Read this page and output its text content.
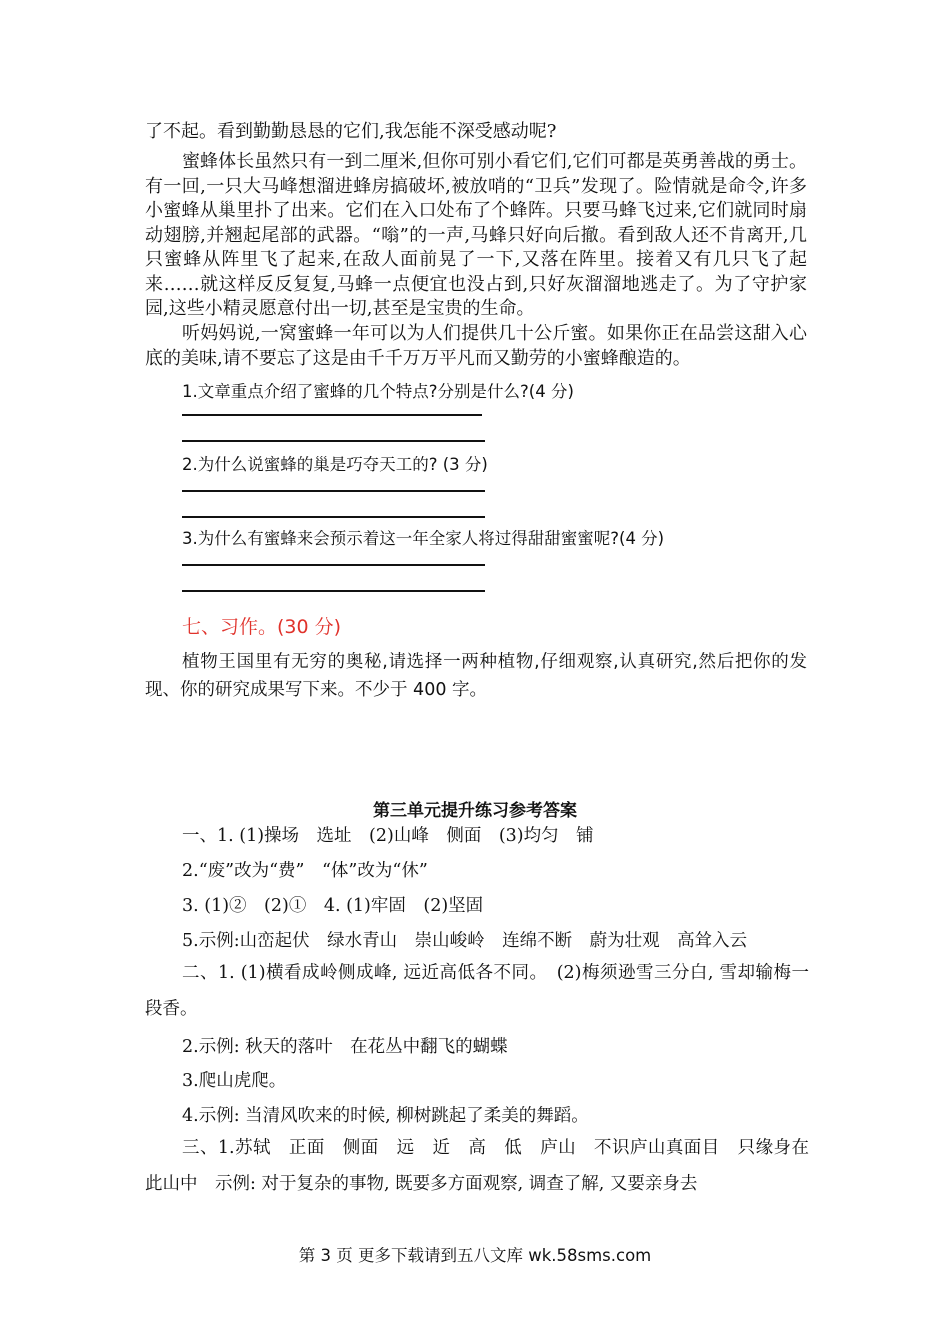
了不起。看到勤勤恳恳的它们,我怎能不深受感动呢?
蜜蜂体长虽然只有一到二厘米,但你可别小看它们,它们可都是英勇善战的勇士。有一回,一只大马峰想溜进蜂房搞破坏,被放哨的“卫兵”发现了。险情就是命令,许多小蜜蜂从巢里扑了出来。它们在入口处布了个蜂阵。只要马蜂飞过来,它们就同时扇动翅膀,并翘起尾部的武器。“嗡”的一声,马蜂只好向后撤。看到敌人还不肯离开,几只蜜蜂从阵里飞了起来,在敌人面前晃了一下,又落在阵里。接着又有几只飞了起来……就这样反反复复,马蜂一点便宜也没占到,只好灰溜溜地逃走了。为了守护家园,这些小精灵愿意付出一切,甚至是宝贵的生命。
听妈妈说,一窝蜜蜂一年可以为人们提供几十公斤蜜。如果你正在品尝这甜入心底的美味,请不要忘了这是由千千万万平凡而又勤劳的小蜜蜂酿造的。
1.文章重点介绍了蜜蜂的几个特点?分别是什么?(4 分)
2.为什么说蜜蜂的巢是巧夺天工的? (3 分)
3.为什么有蜜蜂来会预示着这一年全家人将过得甜甜蜜蜜呢?(4 分)
七、习作。(30 分)
植物王国里有无穷的奥秘,请选择一两种植物,仔细观察,认真研究,然后把你的发现、你的研究成果写下来。不少于 400 字。
第三单元提升练习参考答案
一、1. (1)操场　选址　(2)山峰　侧面　(3)均匀　铺
2.“废”改为“费”　“体”改为“休”
3. (1)②　(2)①　4. (1)牢固　(2)坚固
5.示例:山峦起伏　绿水青山　崇山峻岭　连绵不断　蔚为壮观　高耸入云
二、1. (1)横看成岭侧成峰, 远近高低各不同。　(2)梅须逊雪三分白, 雪却输梅一段香。
2.示例: 秋天的落叶　在花丛中翻飞的蝴蝶
3.爬山虎爬。
4.示例: 当清风吹来的时候, 柳树跳起了柔美的舞蹈。
三、1.苏轼　正面　侧面　远　近　高　低　庐山　不识庐山真面目　只缘身在此山中　示例: 对于复杂的事物, 既要多方面观察, 调查了解, 又要亲身去
第 3 页 更多下载请到五八文库 wk.58sms.com
